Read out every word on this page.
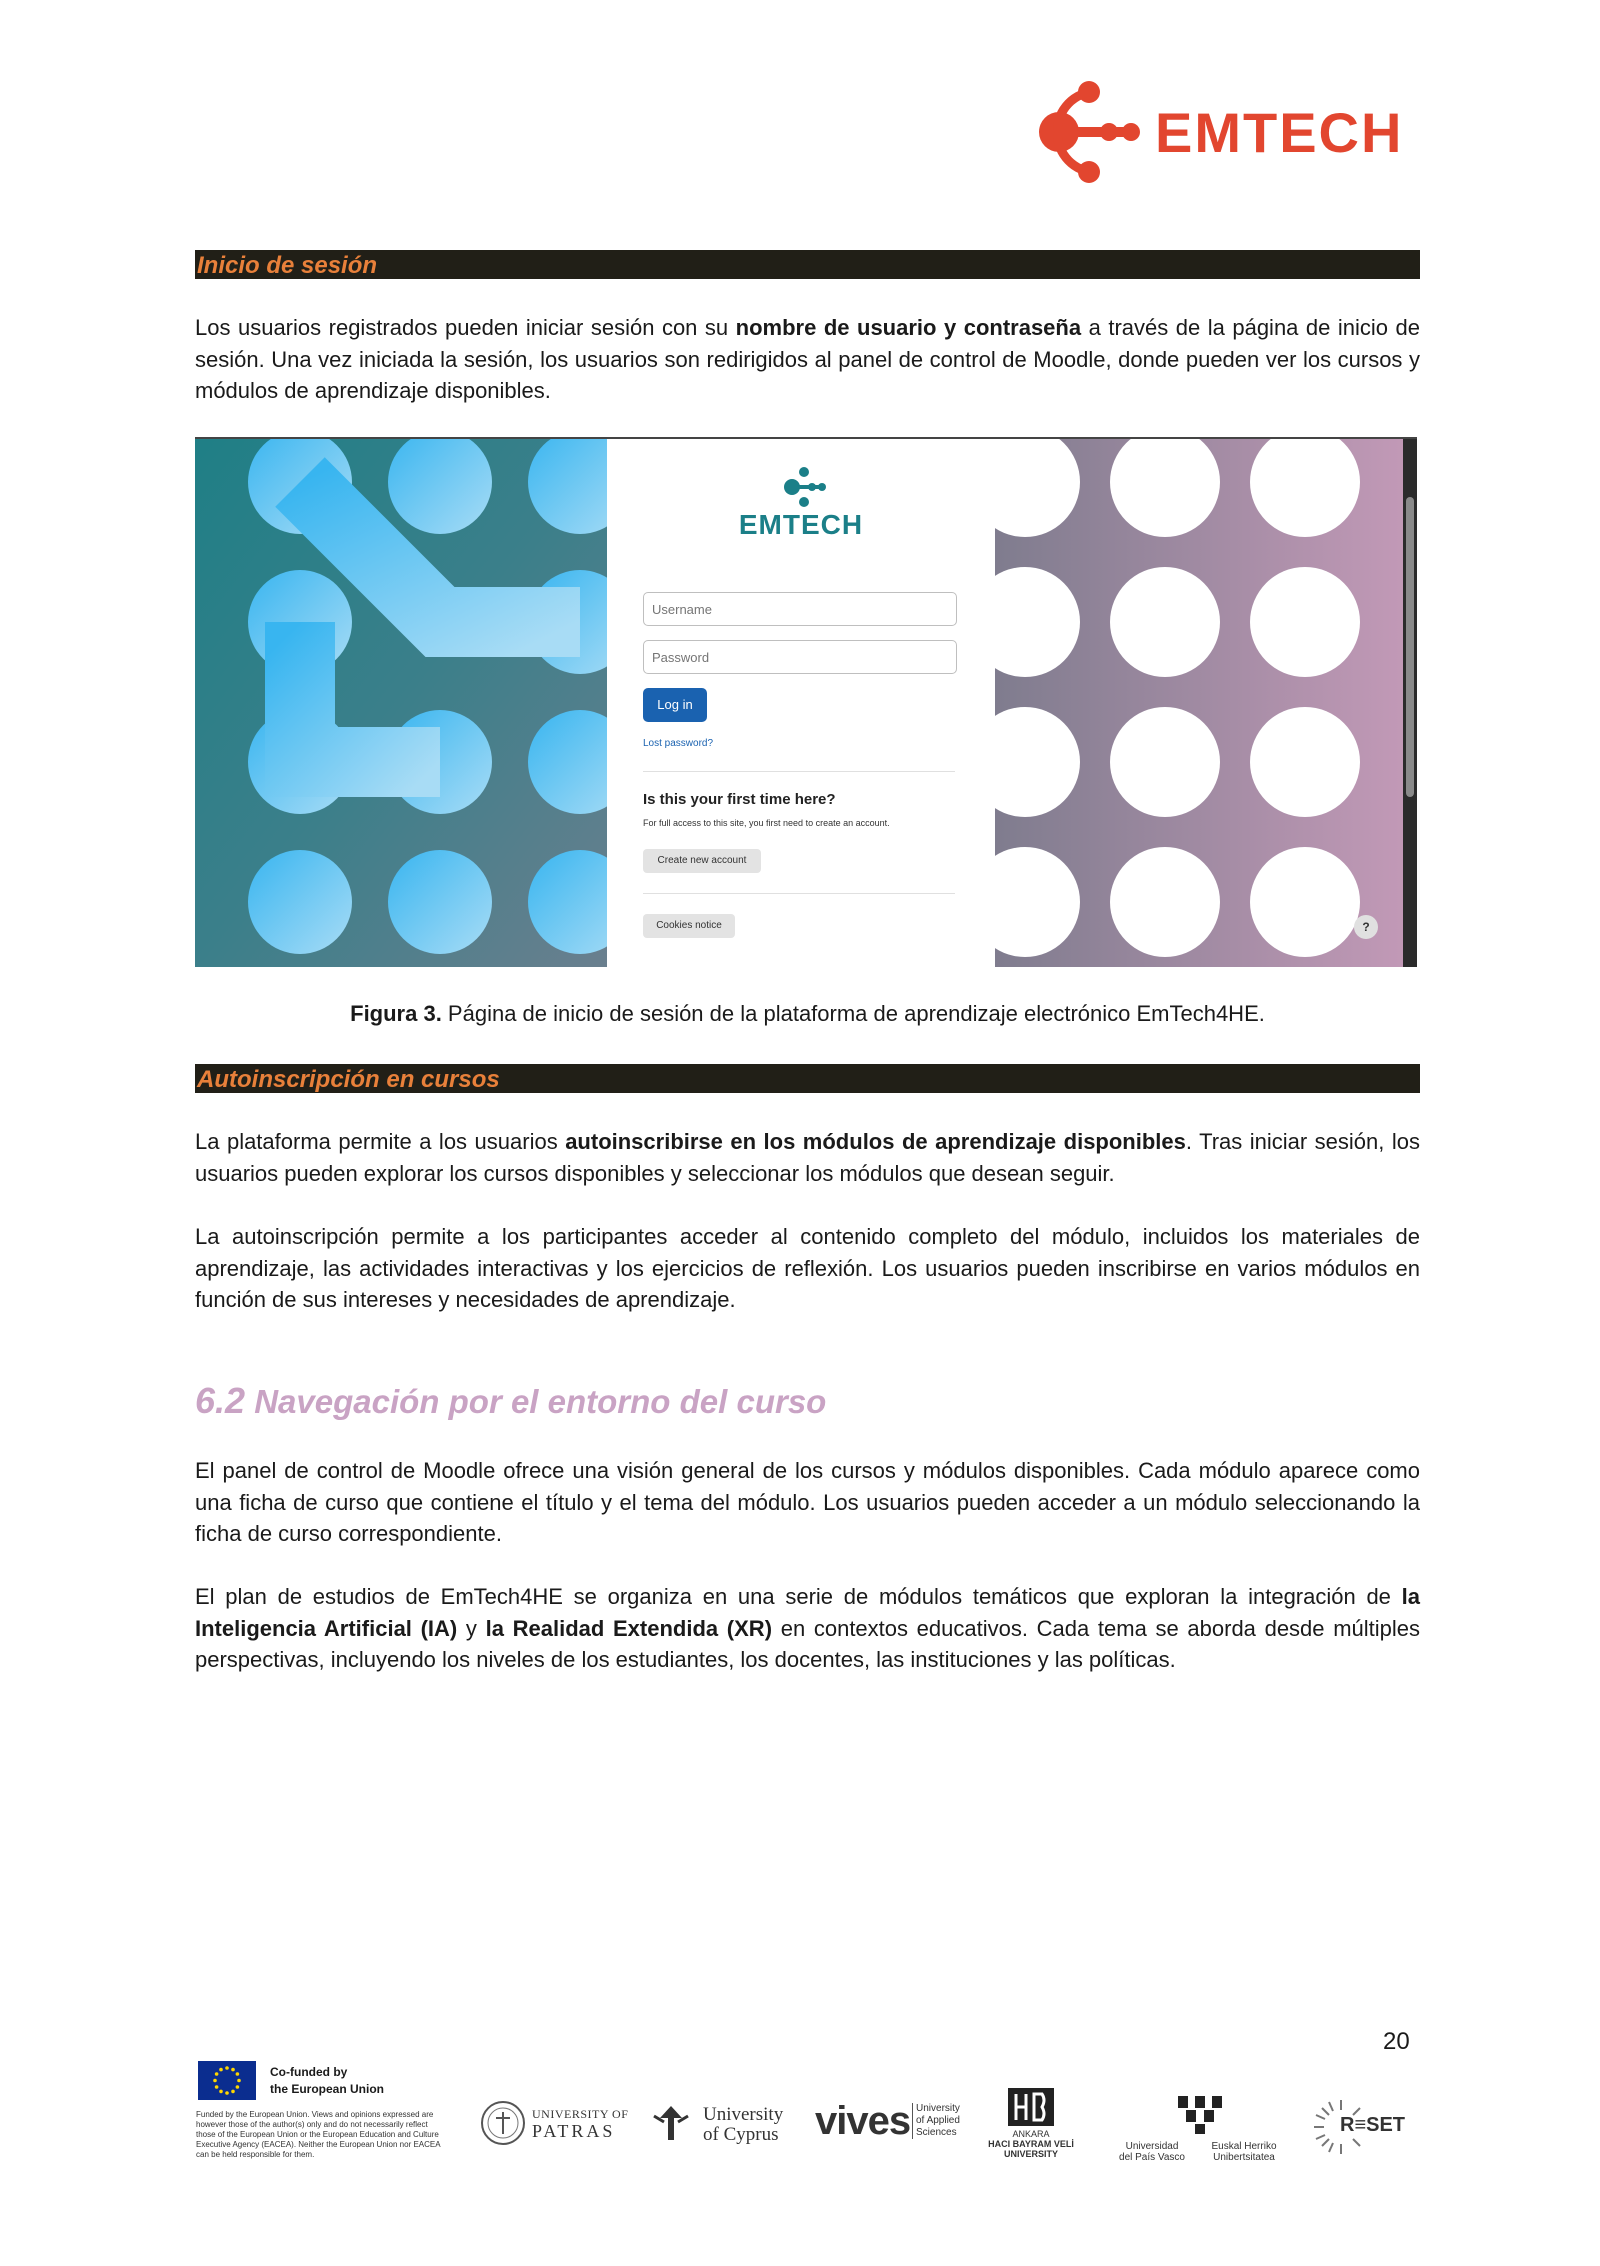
EMTECH
Inicio de sesión
Los usuarios registrados pueden iniciar sesión con su nombre de usuario y contraseña a través de la página de inicio de sesión. Una vez iniciada la sesión, los usuarios son redirigidos al panel de control de Moodle, donde pueden ver los cursos y módulos de aprendizaje disponibles.
EMTECH
Username
Password
Log in
Lost password?
Is this your first time here?
For full access to this site, you first need to create an account.
Create new account
Cookies notice	?
Figura 3. Página de inicio de sesión de la plataforma de aprendizaje electrónico EmTech4HE.
Autoinscripción en cursos
La plataforma permite a los usuarios autoinscribirse en los módulos de aprendizaje disponibles. Tras iniciar sesión, los usuarios pueden explorar los cursos disponibles y seleccionar los módulos que desean seguir.
La autoinscripción permite a los participantes acceder al contenido completo del módulo, incluidos los materiales de aprendizaje, las actividades interactivas y los ejercicios de reflexión. Los usuarios pueden inscribirse en varios módulos en función de sus intereses y necesidades de aprendizaje.
6.2 Navegación por el entorno del curso
El panel de control de Moodle ofrece una visión general de los cursos y módulos disponibles. Cada módulo aparece como una ficha de curso que contiene el título y el tema del módulo. Los usuarios pueden acceder a un módulo seleccionando la ficha de curso correspondiente.
El plan de estudios de EmTech4HE se organiza en una serie de módulos temáticos que exploran la integración de la Inteligencia Artificial (IA) y la Realidad Extendida (XR) en contextos educativos. Cada tema se aborda desde múltiples perspectivas, incluyendo los niveles de los estudiantes, los docentes, las instituciones y las políticas.
20
Co-funded by
the European Union
Funded by the European Union. Views and opinions expressed are however those of the author(s) only and do not necessarily reflect those of the European Union or the European Education and Culture Executive Agency (EACEA). Neither the European Union nor EACEA can be held responsible for them.
UNIVERSITY OF
PATRAS
University
of Cyprus vives University
of Applied
Sciences	ANKARA
HACI BAYRAM VELİ
UNIVERSITY
Universidad
del País Vasco
Euskal Herriko
Unibertsitatea
R≡SET
